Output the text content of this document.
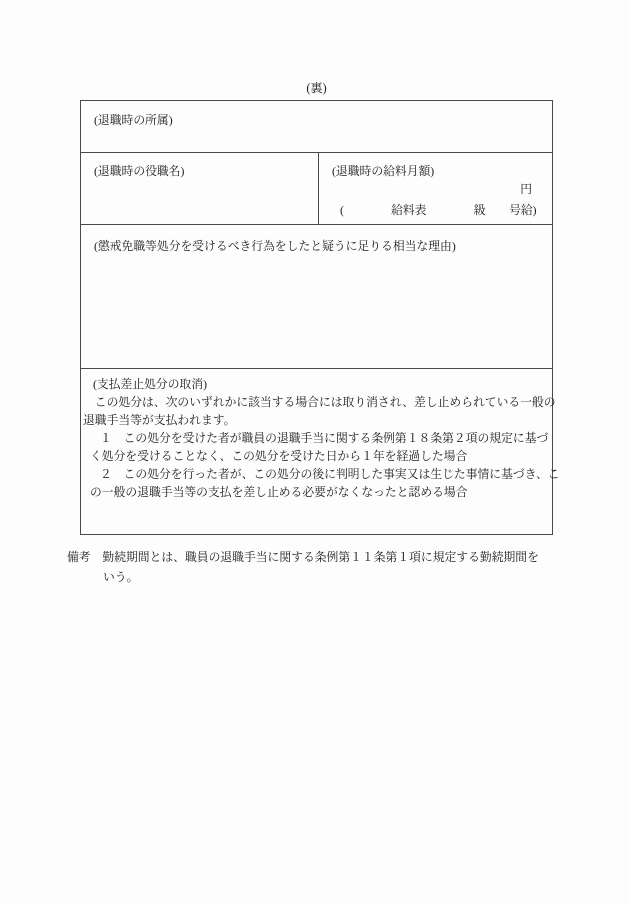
(裏)
(退職時の所属)
(退職時の役職名)	(退職時の給料月額)
円
(　　　　給料表　　　　級　　号給)
(懲戒免職等処分を受けるべき行為をしたと疑うに足りる相当な理由)
(支払差止処分の取消)
　この処分は、次のいずれかに該当する場合には取り消され、差し止められている一般の
退職手当等が支払われます。
１　この処分を受けた者が職員の退職手当に関する条例第１８条第２項の規定に基づ
く処分を受けることなく、この処分を受けた日から１年を経過した場合
２　この処分を行った者が、この処分の後に判明した事実又は生じた事情に基づき、こ
の一般の退職手当等の支払を差し止める必要がなくなったと認める場合
備考　勤続期間とは、職員の退職手当に関する条例第１１条第１項に規定する勤続期間を
いう。
